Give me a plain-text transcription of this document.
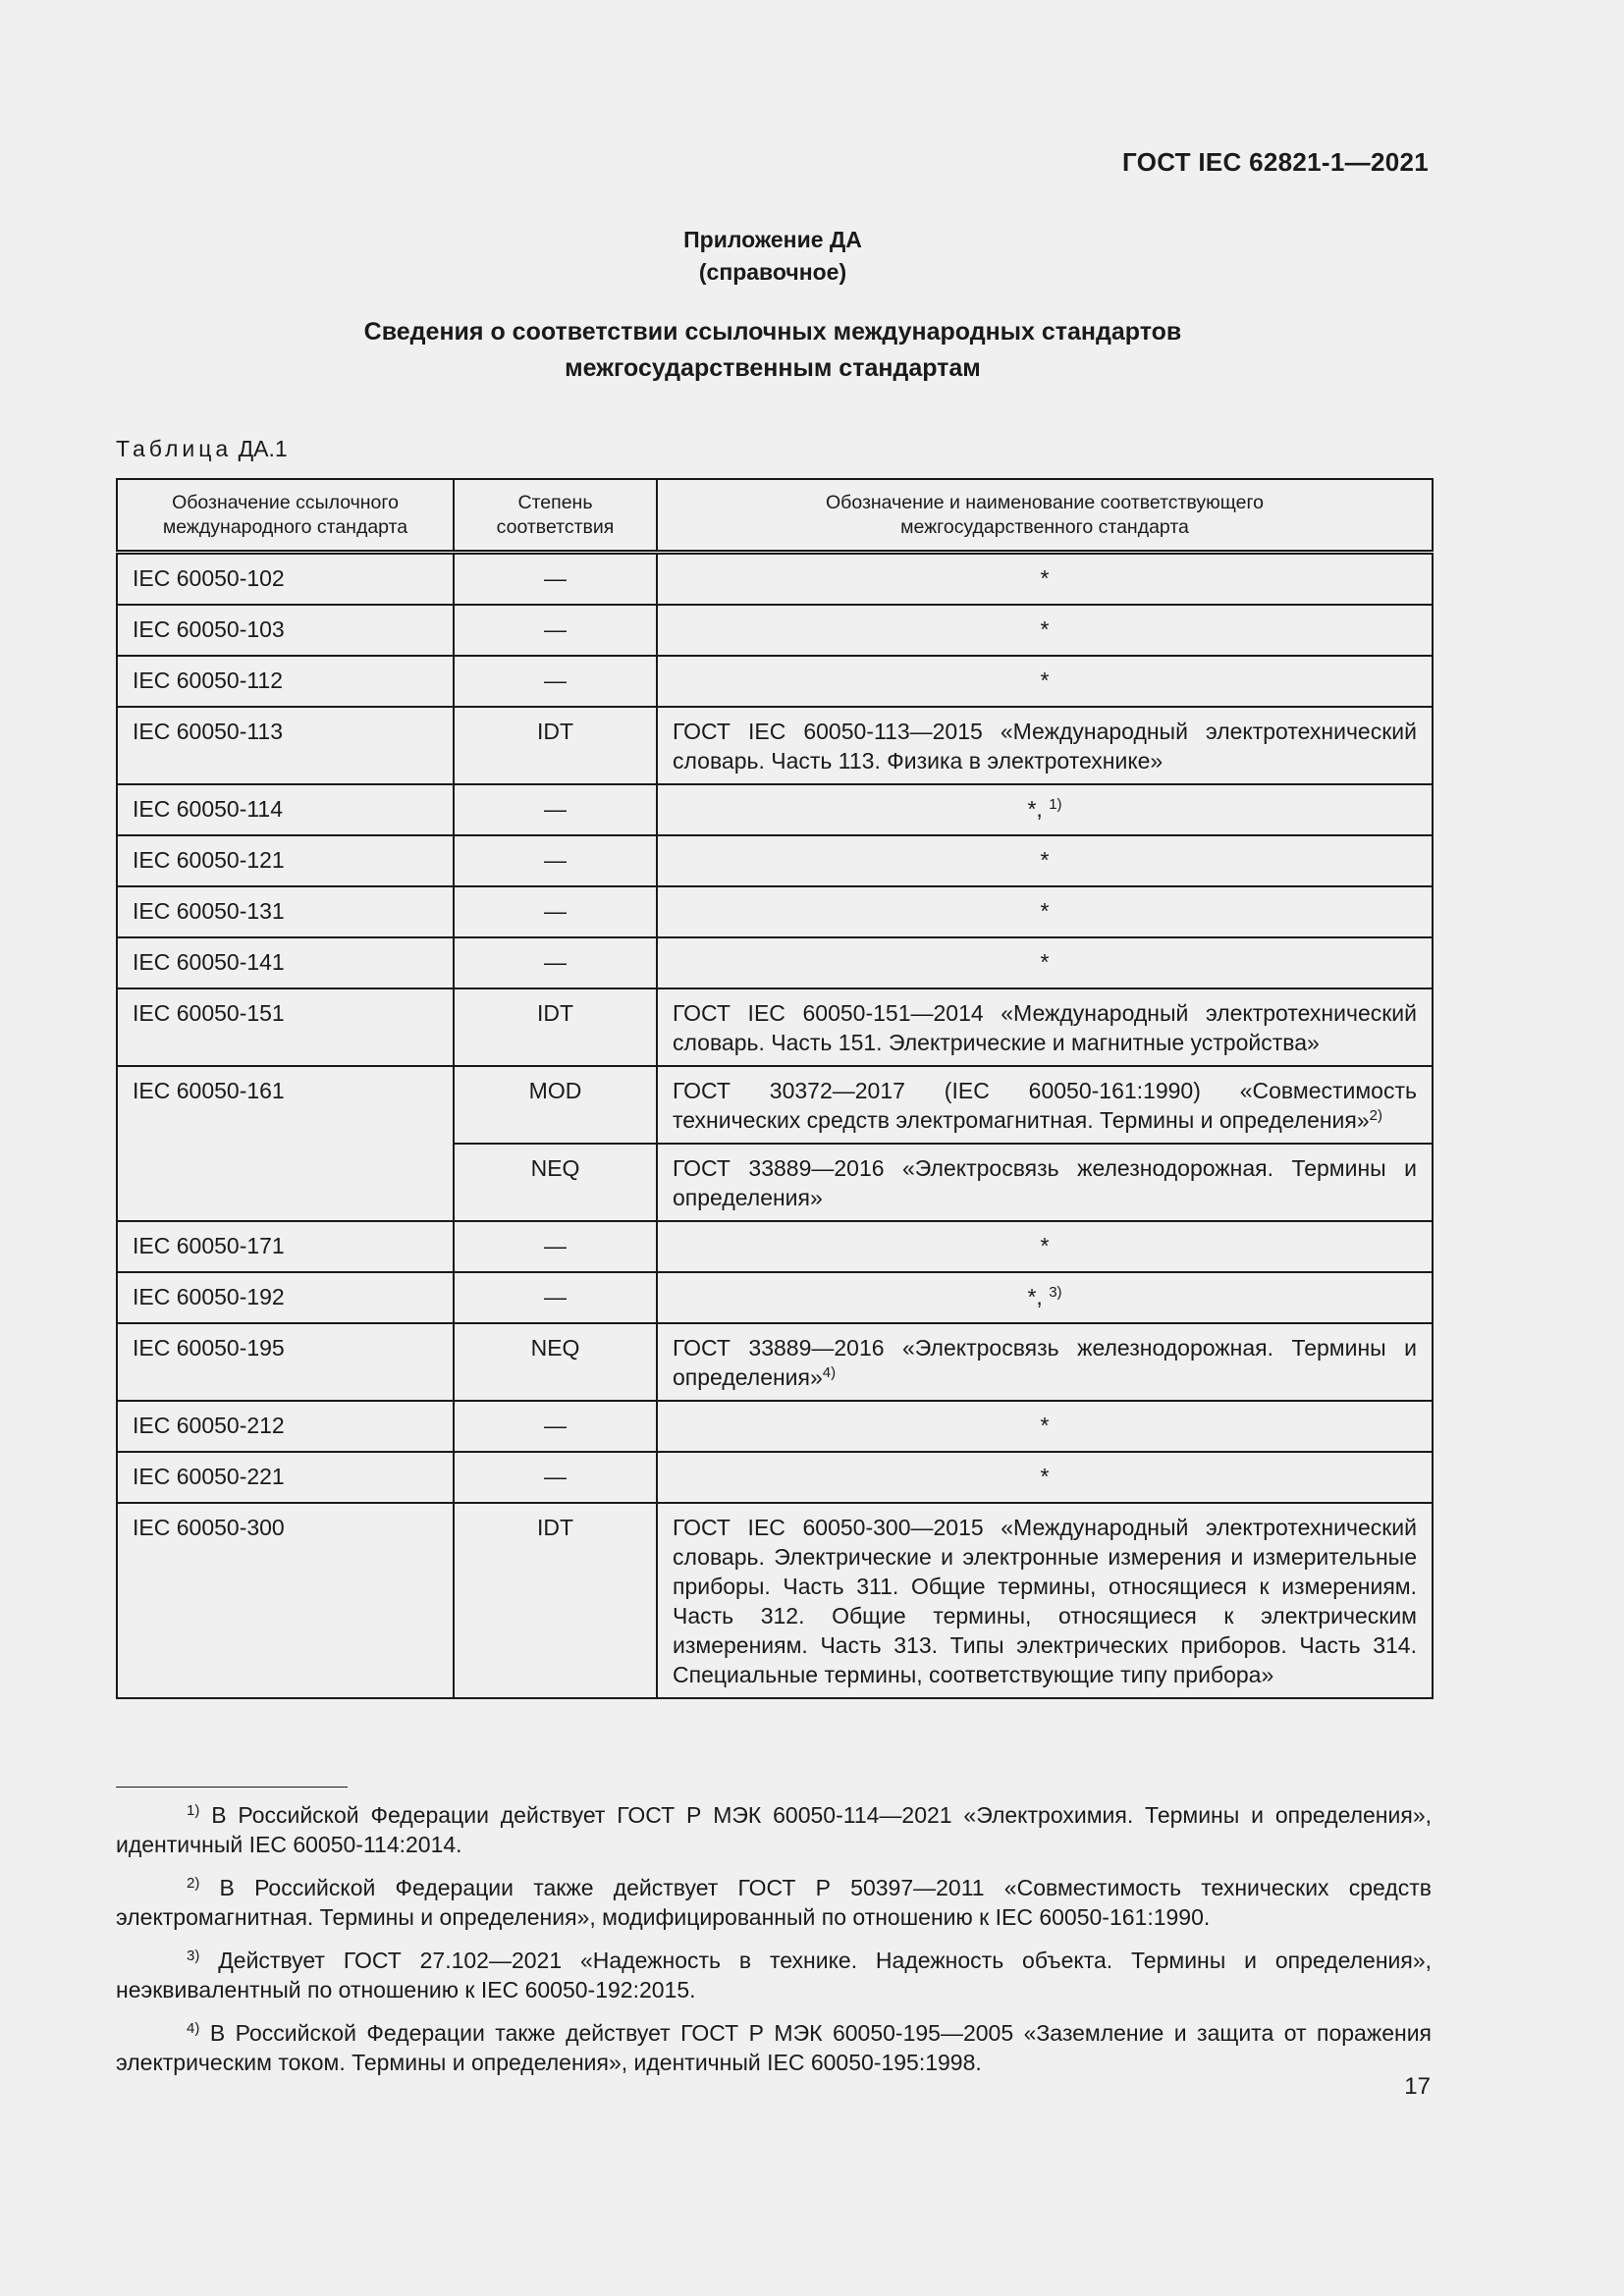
ГОСТ IEC 62821-1—2021
Приложение ДА
(справочное)
Сведения о соответствии ссылочных международных стандартов
межгосударственным стандартам
Таблица ДА.1
Обозначение ссылочного международного стандарта	Степень соответствия	Обозначение и наименование соответствующего межгосударственного стандарта
IEC 60050-102	—	*
IEC 60050-103	—	*
IEC 60050-112	—	*
IEC 60050-113	IDT	ГОСТ IEC 60050-113—2015 «Международный электротехнический словарь. Часть 113. Физика в электротехнике»
IEC 60050-114	—	*, $^{1)}$
IEC 60050-121	—	*
IEC 60050-131	—	*
IEC 60050-141	—	*
IEC 60050-151	IDT	ГОСТ IEC 60050-151—2014 «Международный электротехнический словарь. Часть 151. Электрические и магнитные устройства»
IEC 60050-161	MOD	ГОСТ 30372—2017 (IEC 60050-161:1990) «Совместимость технических средств электромагнитная. Термины и определения»$^{2)}$
	NEQ	ГОСТ 33889—2016 «Электросвязь железнодорожная. Термины и определения»
IEC 60050-171	—	*
IEC 60050-192	—	*, $^{3)}$
IEC 60050-195	NEQ	ГОСТ 33889—2016 «Электросвязь железнодорожная. Термины и определения»$^{4)}$
IEC 60050-212	—	*
IEC 60050-221	—	*
IEC 60050-300	IDT	ГОСТ IEC 60050-300—2015 «Международный электротехнический словарь. Электрические и электронные измерения и измерительные приборы. Часть 311. Общие термины, относящиеся к измерениям. Часть 312. Общие термины, относящиеся к электрическим измерениям. Часть 313. Типы электрических приборов. Часть 314. Специальные термины, соответствующие типу прибора»

$^{1)}$ В Российской Федерации действует ГОСТ Р МЭК 60050-114—2021 «Электрохимия. Термины и определения», идентичный IEC 60050-114:2014.

$^{2)}$ В Российской Федерации также действует ГОСТ Р 50397—2011 «Совместимость технических средств электромагнитная. Термины и определения», модифицированный по отношению к IEC 60050-161:1990.

$^{3)}$ Действует ГОСТ 27.102—2021 «Надежность в технике. Надежность объекта. Термины и определения», неэквивалентный по отношению к IEC 60050-192:2015.

$^{4)}$ В Российской Федерации также действует ГОСТ Р МЭК 60050-195—2005 «Заземление и защита от поражения электрическим током. Термины и определения», идентичный IEC 60050-195:1998.

17
